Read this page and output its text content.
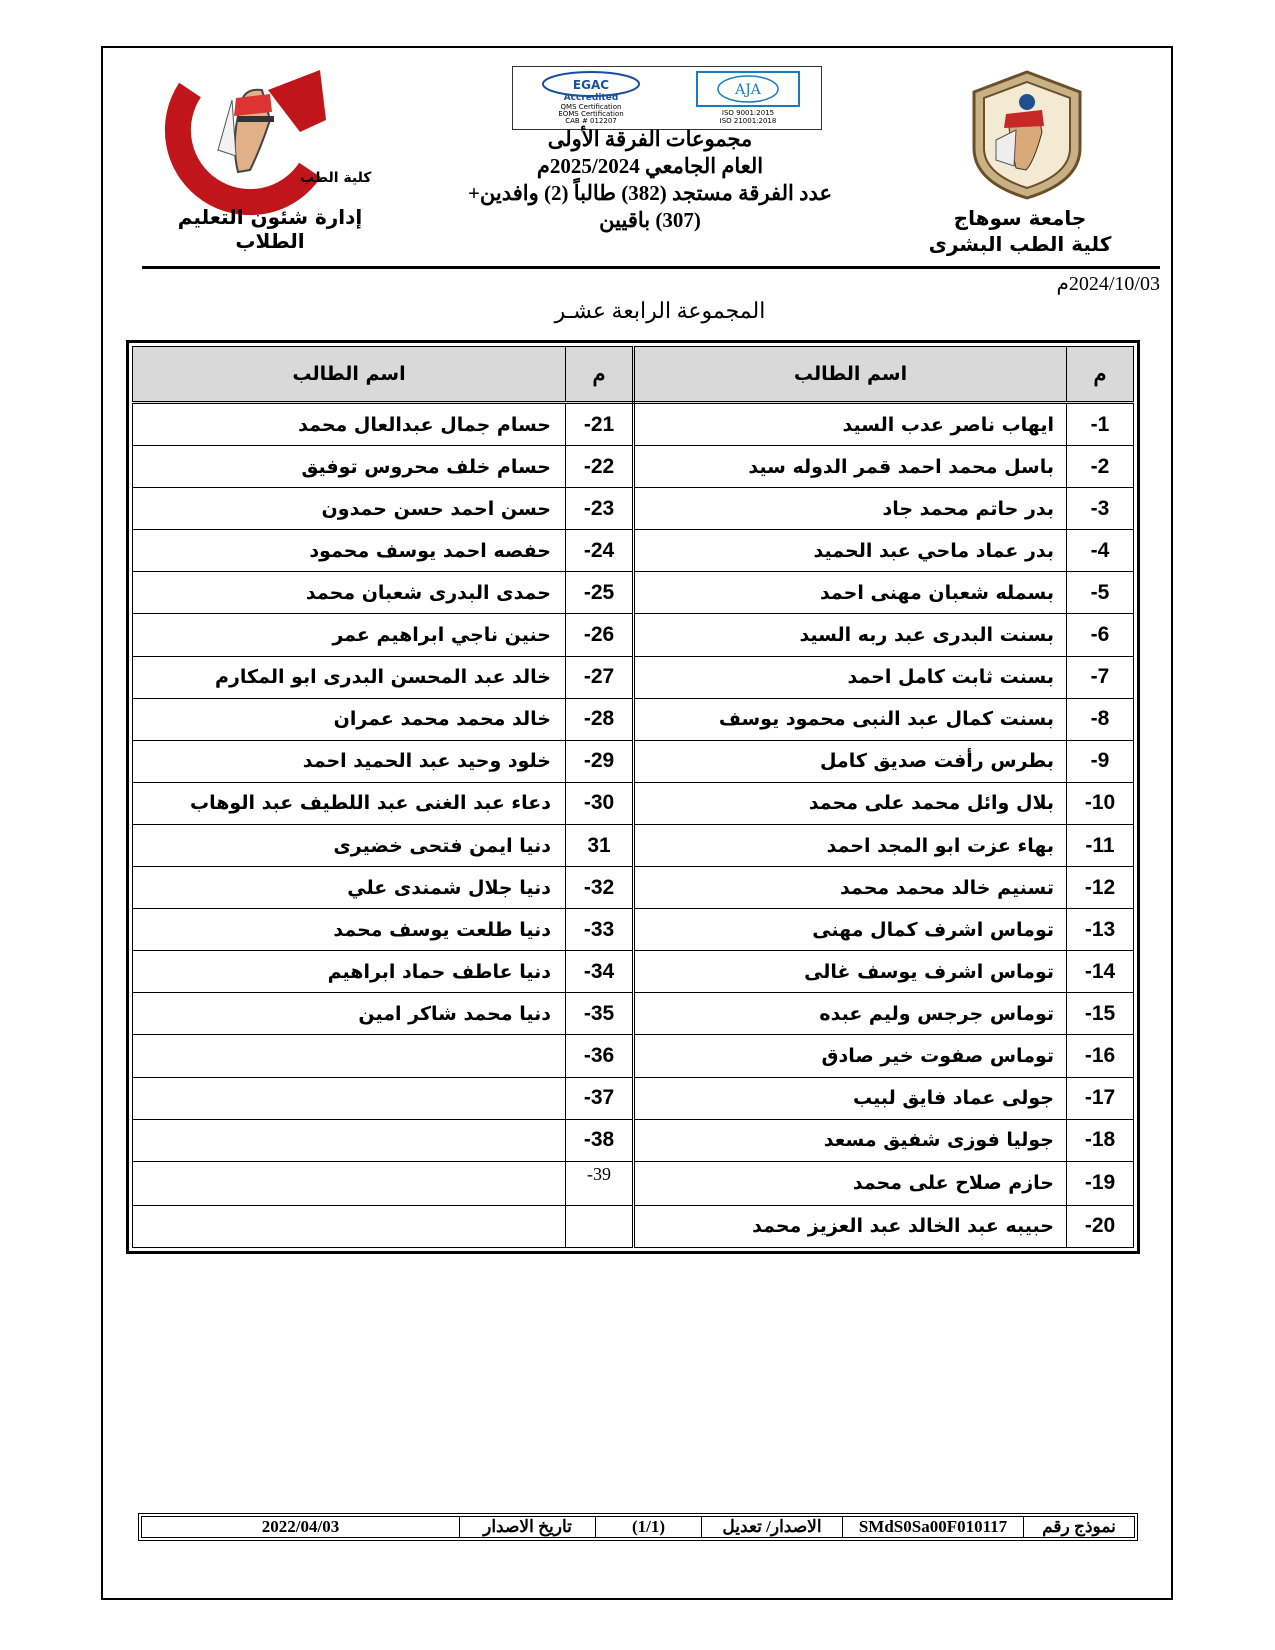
كلية الطب
إدارة شئون التعليم الطلاب
EGAC
Accredited
QMS Certification
EOMS Certification
CAB # 012207
AJA
ISO 9001:2015
ISO 21001:2018
مجموعات الفرقة الأولى
العام الجامعي 2025/2024م
عدد الفرقة مستجد (382) طالباً (2) وافدين+
(307) باقيين	جامعة سوهاج
كلية الطب البشرى
2024/10/03م
المجموعة الرابعة عشـر
م	اسم الطالب	م	اسم الطالب
1-	ايهاب ناصر عدب السيد	21-	حسام جمال عبدالعال محمد
2-	باسل محمد احمد قمر الدوله سيد	22-	حسام خلف محروس توفيق
3-	بدر حاتم محمد جاد	23-	حسن احمد حسن حمدون
4-	بدر عماد ماحي عبد الحميد	24-	حفصه احمد يوسف محمود
5-	بسمله شعبان مهنى احمد	25-	حمدى البدرى شعبان محمد
6-	بسنت البدرى عبد ربه السيد	26-	حنين ناجي ابراهيم عمر
7-	بسنت ثابت كامل احمد	27-	خالد عبد المحسن البدرى ابو المكارم
8-	بسنت كمال عبد النبى محمود يوسف	28-	خالد محمد محمد عمران
9-	بطرس رأفت صديق كامل	29-	خلود وحيد عبد الحميد احمد
10-	بلال وائل محمد على محمد	30-	دعاء عبد الغنى عبد اللطيف عبد الوهاب
11-	بهاء عزت ابو المجد احمد	31	دنيا ايمن فتحى خضيرى
12-	تسنيم خالد محمد محمد	32-	دنيا جلال شمندى علي
13-	توماس اشرف كمال مهنى	33-	دنيا طلعت يوسف محمد
14-	توماس اشرف يوسف غالى	34-	دنيا عاطف حماد ابراهيم
15-	توماس جرجس وليم عبده	35-	دنيا محمد شاكر امين
16-	توماس صفوت خير صادق	36-	
17-	جولى عماد فايق لبيب	37-	
18-	جوليا فوزى شفيق مسعد	38-	
19-	حازم صلاح على محمد	39-	
20-	حبيبه عبد الخالد عبد العزيز محمد		
نموذج رقم
SMdS0Sa00F010117
الاصدار/ تعديل
(1/1)
تاريخ الاصدار
2022/04/03
